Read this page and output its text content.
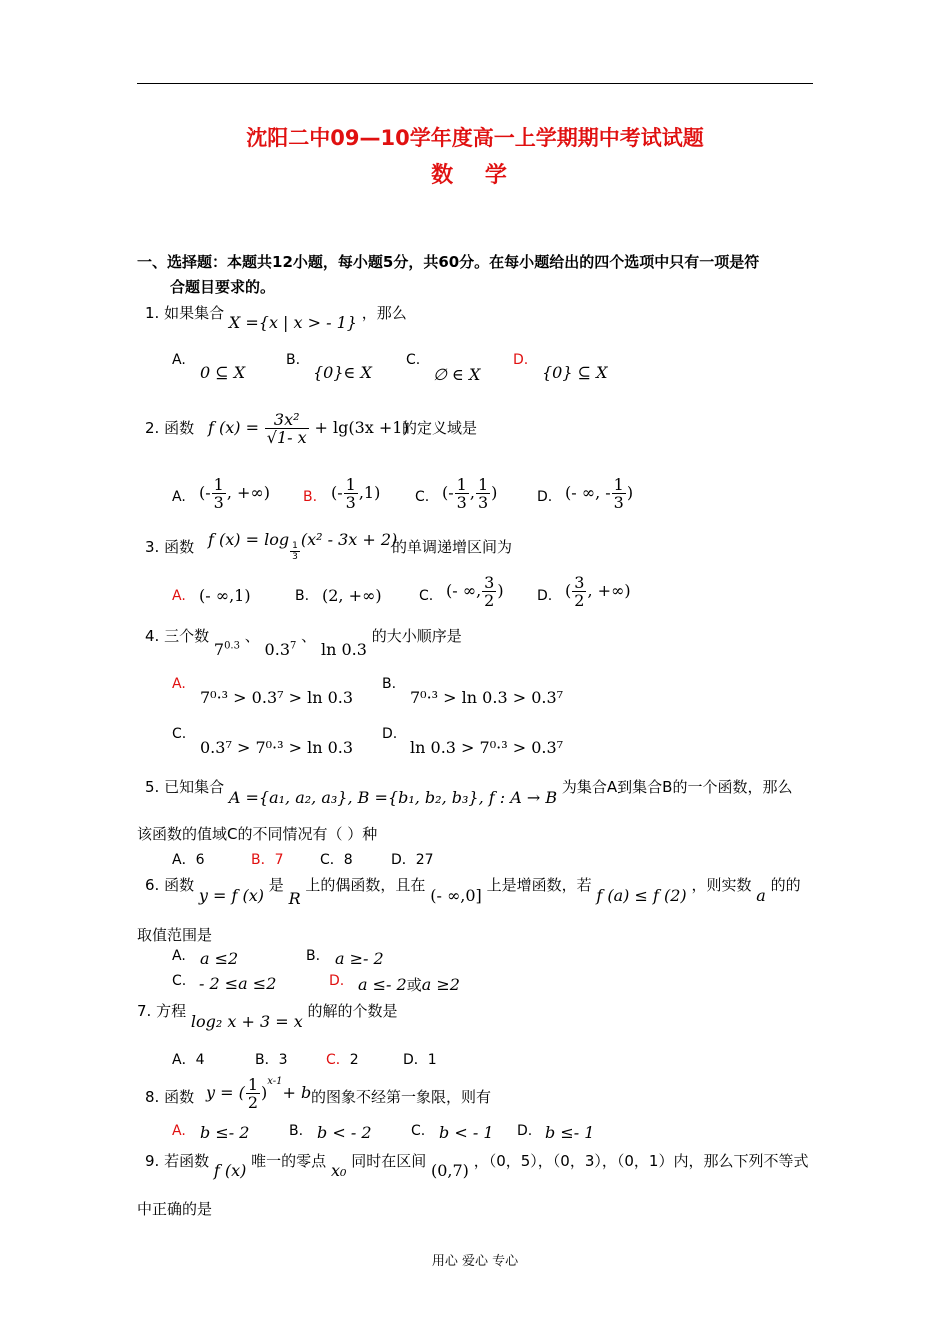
沈阳二中09—10学年度高一上学期期中考试试题
数 学
一、选择题：本题共12小题，每小题5分，共60分。在每小题给出的四个选项中只有一项是符
合题目要求的。
1. 如果集合 X ={x | x > - 1} ，那么
A.
0 ⊆ X
B.
{0}∈ X
C.
∅ ∈ X
D.
{0} ⊆ X
2. 函数 f $(x) = \frac{\text{3x²}}{√1- x} + \lg(3x +1)$
的定义域是
A. (- $\frac{1}{3}$ , +∞) B. (- $\frac{1}{3} ,1$) C. (- $\frac{1}{3}$ , $\frac{1}{3}$ )	D. (- ∞, - $\frac{1}{3}$ )
3. 函数 f (x) = log
$\frac{1}{3}$
(x² - 3x + 2)
的单调递增区间为
A. (- ∞,1)	B. (2, +∞)	C. (- ∞, $\frac{3}{2}$ ) D. ( $\frac{3}{2}$ , +∞)
4. 三个数 $7^{0.3}$ 、 $0.3^7$ 、 ln 0.3 的大小顺序是
A.
7⁰·³ > 0.3⁷ > ln 0.3
B.
7⁰·³ > ln 0.3 > 0.3⁷
C.
0.3⁷ > 7⁰·³ > ln 0.3
D.
ln 0.3 > 7⁰·³ > 0.3⁷
5. 已知集合 A ={a₁, a₂, a₃}, B ={b₁, b₂, b₃}, f : A → B 为集合A到集合B的一个函数，那么
该函数的值域C的不同情况有（ ）种
A．6	B．7	C．8	D．27
6. 函数 y = f (x) 是 R 上的偶函数，且在 (- ∞,0] 上是增函数，若 f (a) ≤ f (2) ，则实数 a 的的
取值范围是
A. a ≤2	B. a ≥- 2
C. - 2 ≤a ≤2	D. a ≤- 2或a ≥2
7. 方程 log₂ x + 3 = x 的解的个数是
A．4	B．3	C．2	D．1
8. 函数 y = ( $\frac{1}{2} )^{x-1}+ b$ 的图象不经第一象限，则有
A. b ≤- 2	B. b < - 2	C. b < - 1 D. b ≤- 1
9. 若函数 f (x) 唯一的零点 x₀ 同时在区间 (0,7) ，（0，5），（0，3），（0，1）内，那么下列不等式
中正确的是
用心 爱心 专心
